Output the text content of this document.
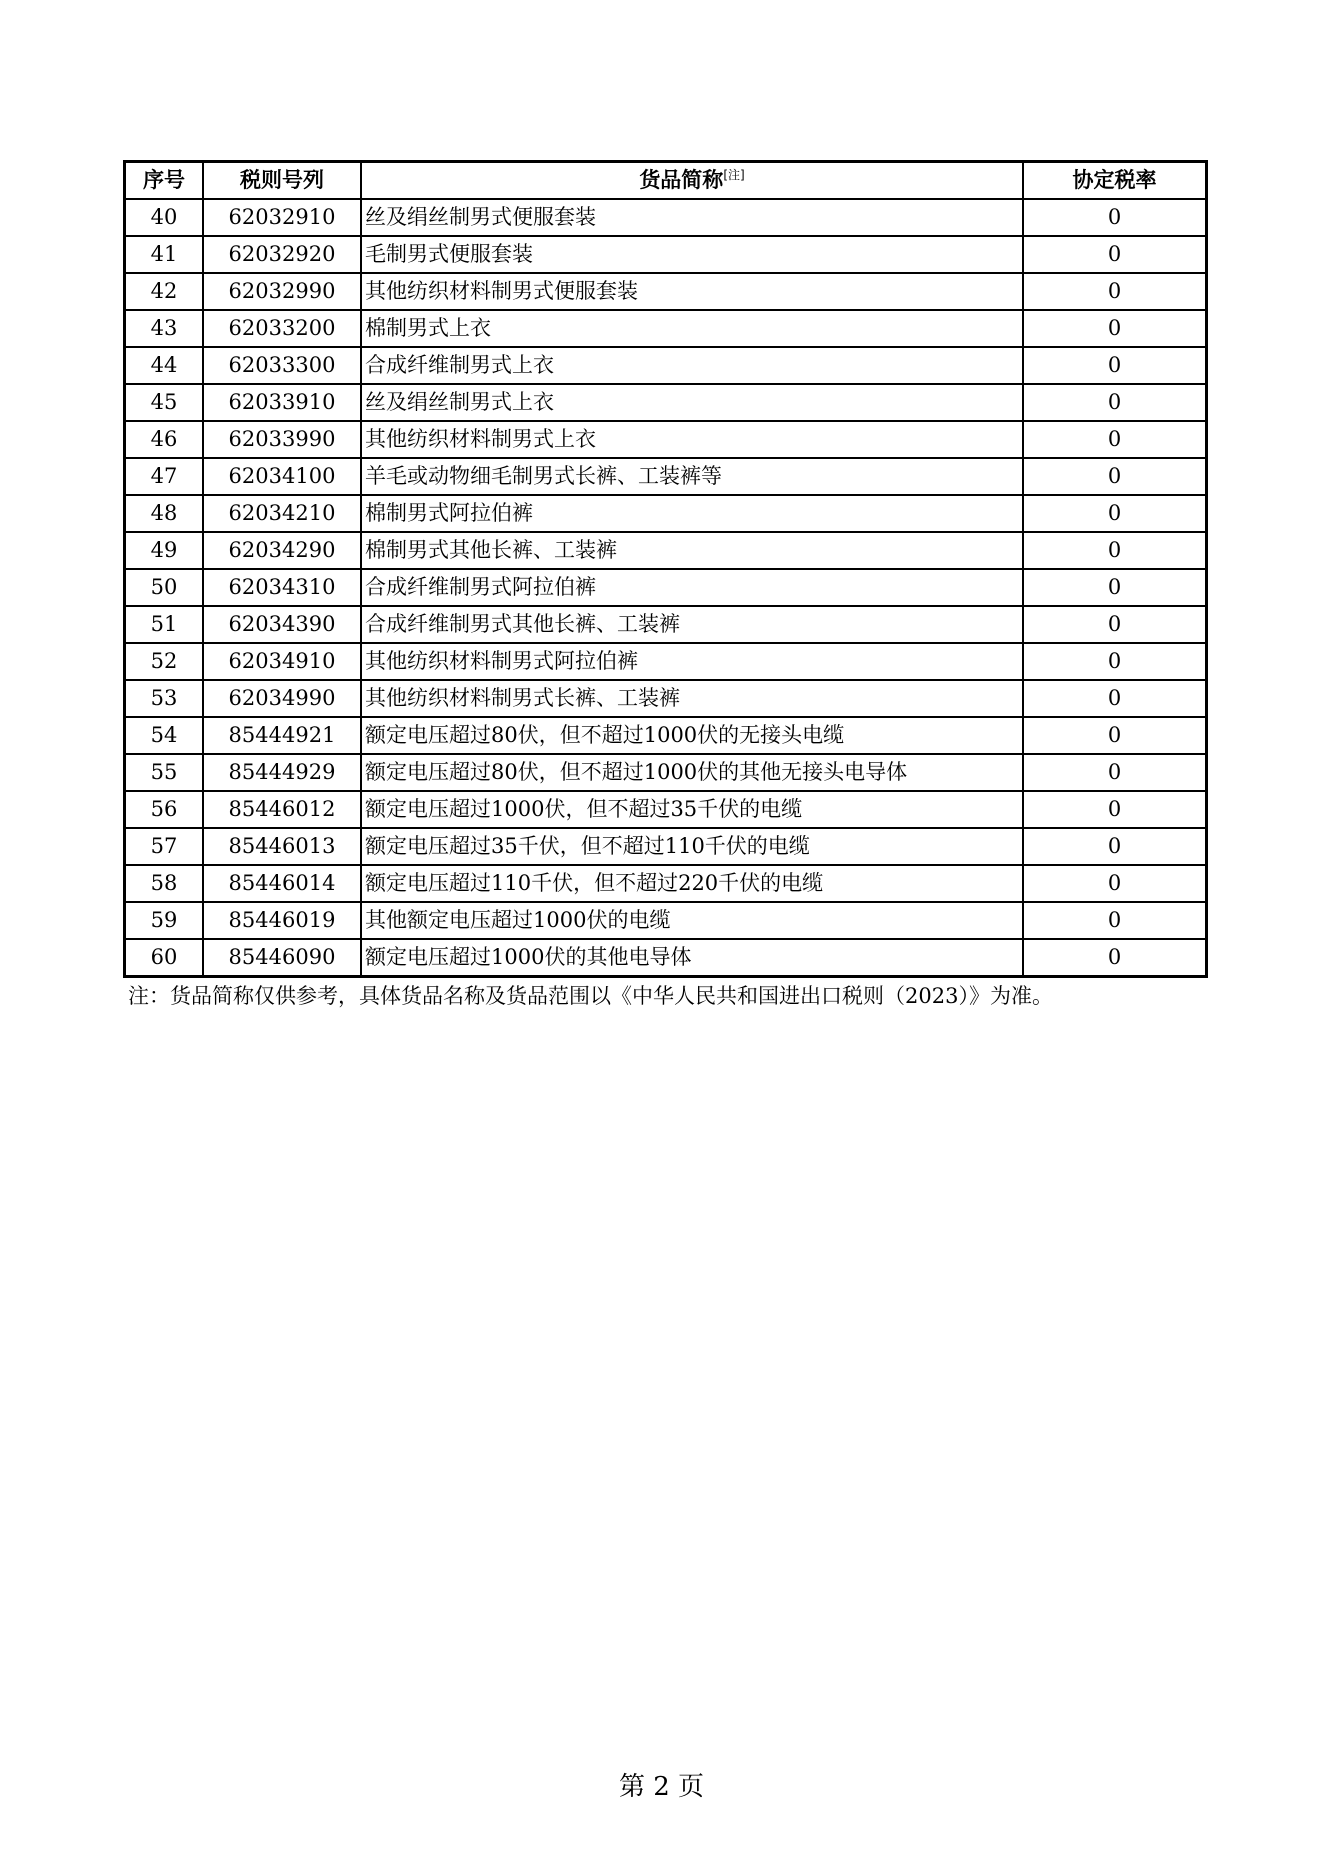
序号	税则号列	货品简称[注]	协定税率
40	62032910	丝及绢丝制男式便服套装	0
41	62032920	毛制男式便服套装	0
42	62032990	其他纺织材料制男式便服套装	0
43	62033200	棉制男式上衣	0
44	62033300	合成纤维制男式上衣	0
45	62033910	丝及绢丝制男式上衣	0
46	62033990	其他纺织材料制男式上衣	0
47	62034100	羊毛或动物细毛制男式长裤、工装裤等	0
48	62034210	棉制男式阿拉伯裤	0
49	62034290	棉制男式其他长裤、工装裤	0
50	62034310	合成纤维制男式阿拉伯裤	0
51	62034390	合成纤维制男式其他长裤、工装裤	0
52	62034910	其他纺织材料制男式阿拉伯裤	0
53	62034990	其他纺织材料制男式长裤、工装裤	0
54	85444921	额定电压超过80伏，但不超过1000伏的无接头电缆	0
55	85444929	额定电压超过80伏，但不超过1000伏的其他无接头电导体	0
56	85446012	额定电压超过1000伏，但不超过35千伏的电缆	0
57	85446013	额定电压超过35千伏，但不超过110千伏的电缆	0
58	85446014	额定电压超过110千伏，但不超过220千伏的电缆	0
59	85446019	其他额定电压超过1000伏的电缆	0
60	85446090	额定电压超过1000伏的其他电导体	0
注：货品简称仅供参考，具体货品名称及货品范围以《中华人民共和国进出口税则（2023）》为准。
第 2 页
